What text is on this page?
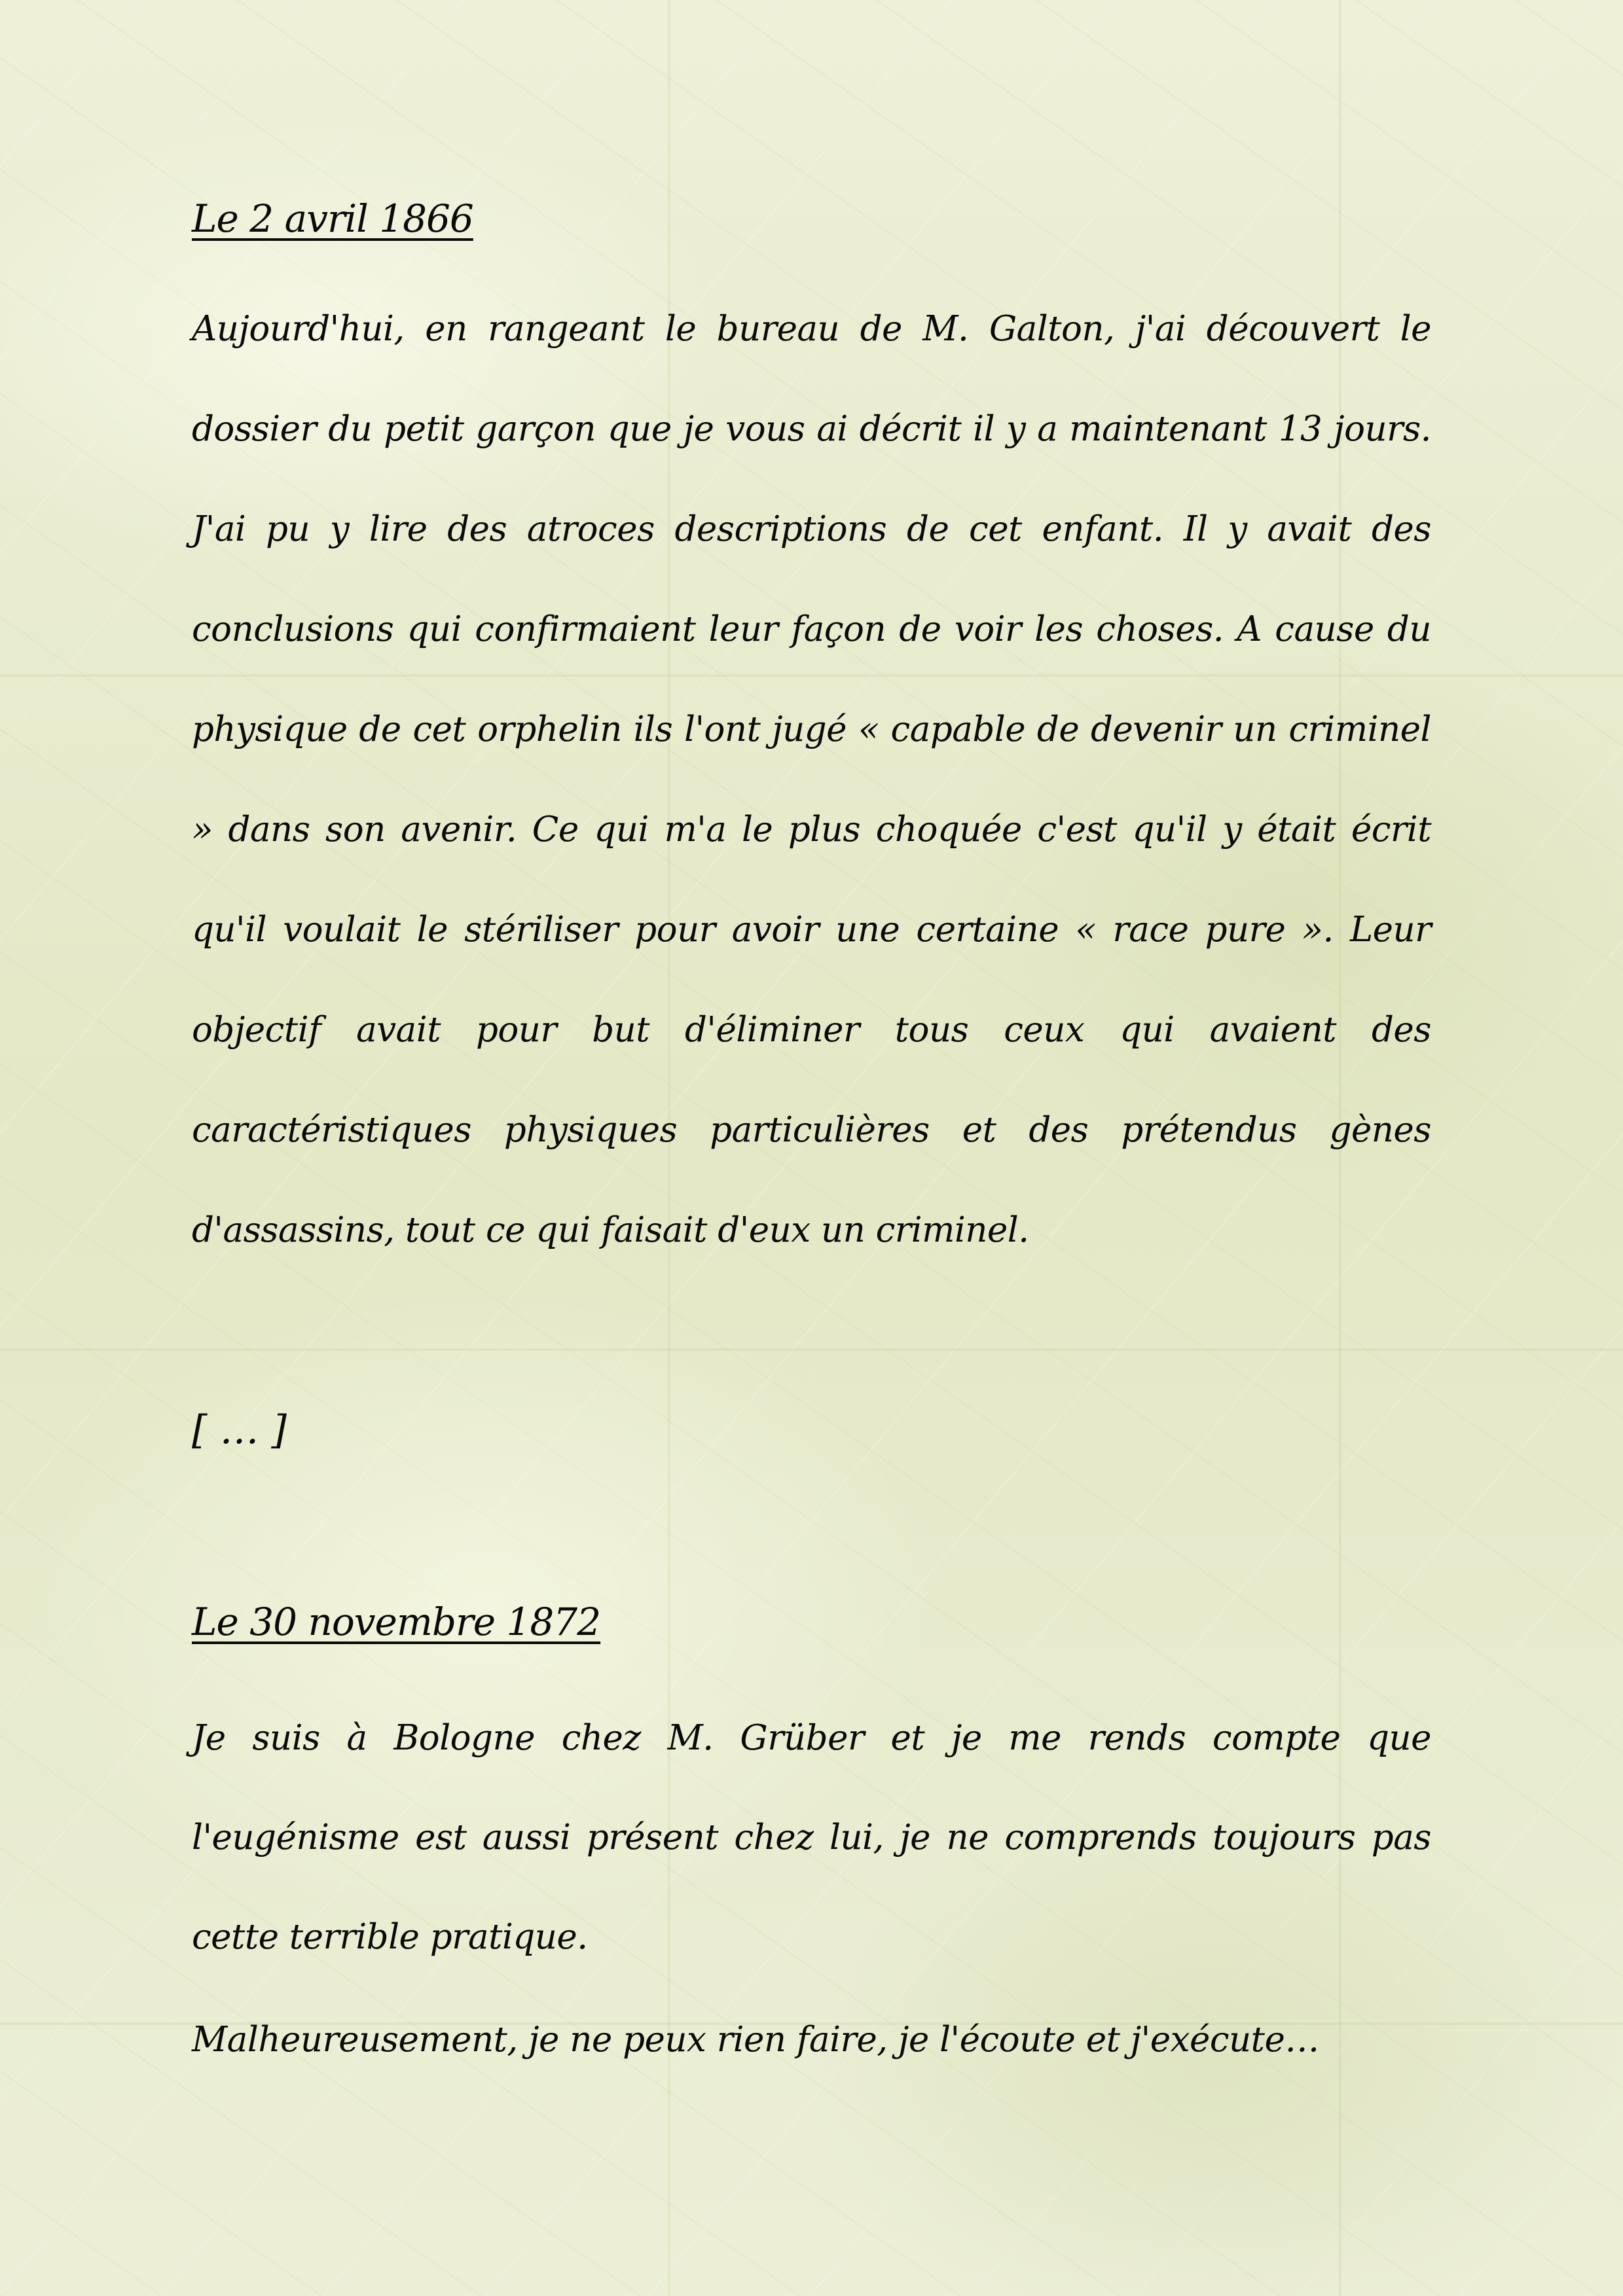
Le 2 avril 1866

Aujourd'hui, en rangeant le bureau de M. Galton, j'ai découvert le dossier du petit garçon que je vous ai décrit il y a maintenant 13 jours. J'ai pu y lire des atroces descriptions de cet enfant. Il y avait des conclusions qui confirmaient leur façon de voir les choses. A cause du physique de cet orphelin ils l'ont jugé « capable de devenir un criminel » dans son avenir. Ce qui m'a le plus choquée c'est qu'il y était écrit qu'il voulait le stériliser pour avoir une certaine « race pure ». Leur objectif avait pour but d'éliminer tous ceux qui avaient des caractéristiques physiques particulières et des prétendus gènes d'assassins, tout ce qui faisait d'eux un criminel.

[ … ]
Le 30 novembre 1872

Je suis à Bologne chez M. Grüber et je me rends compte que l'eugénisme est aussi présent chez lui, je ne comprends toujours pas cette terrible pratique.

Malheureusement, je ne peux rien faire, je l'écoute et j'exécute…
